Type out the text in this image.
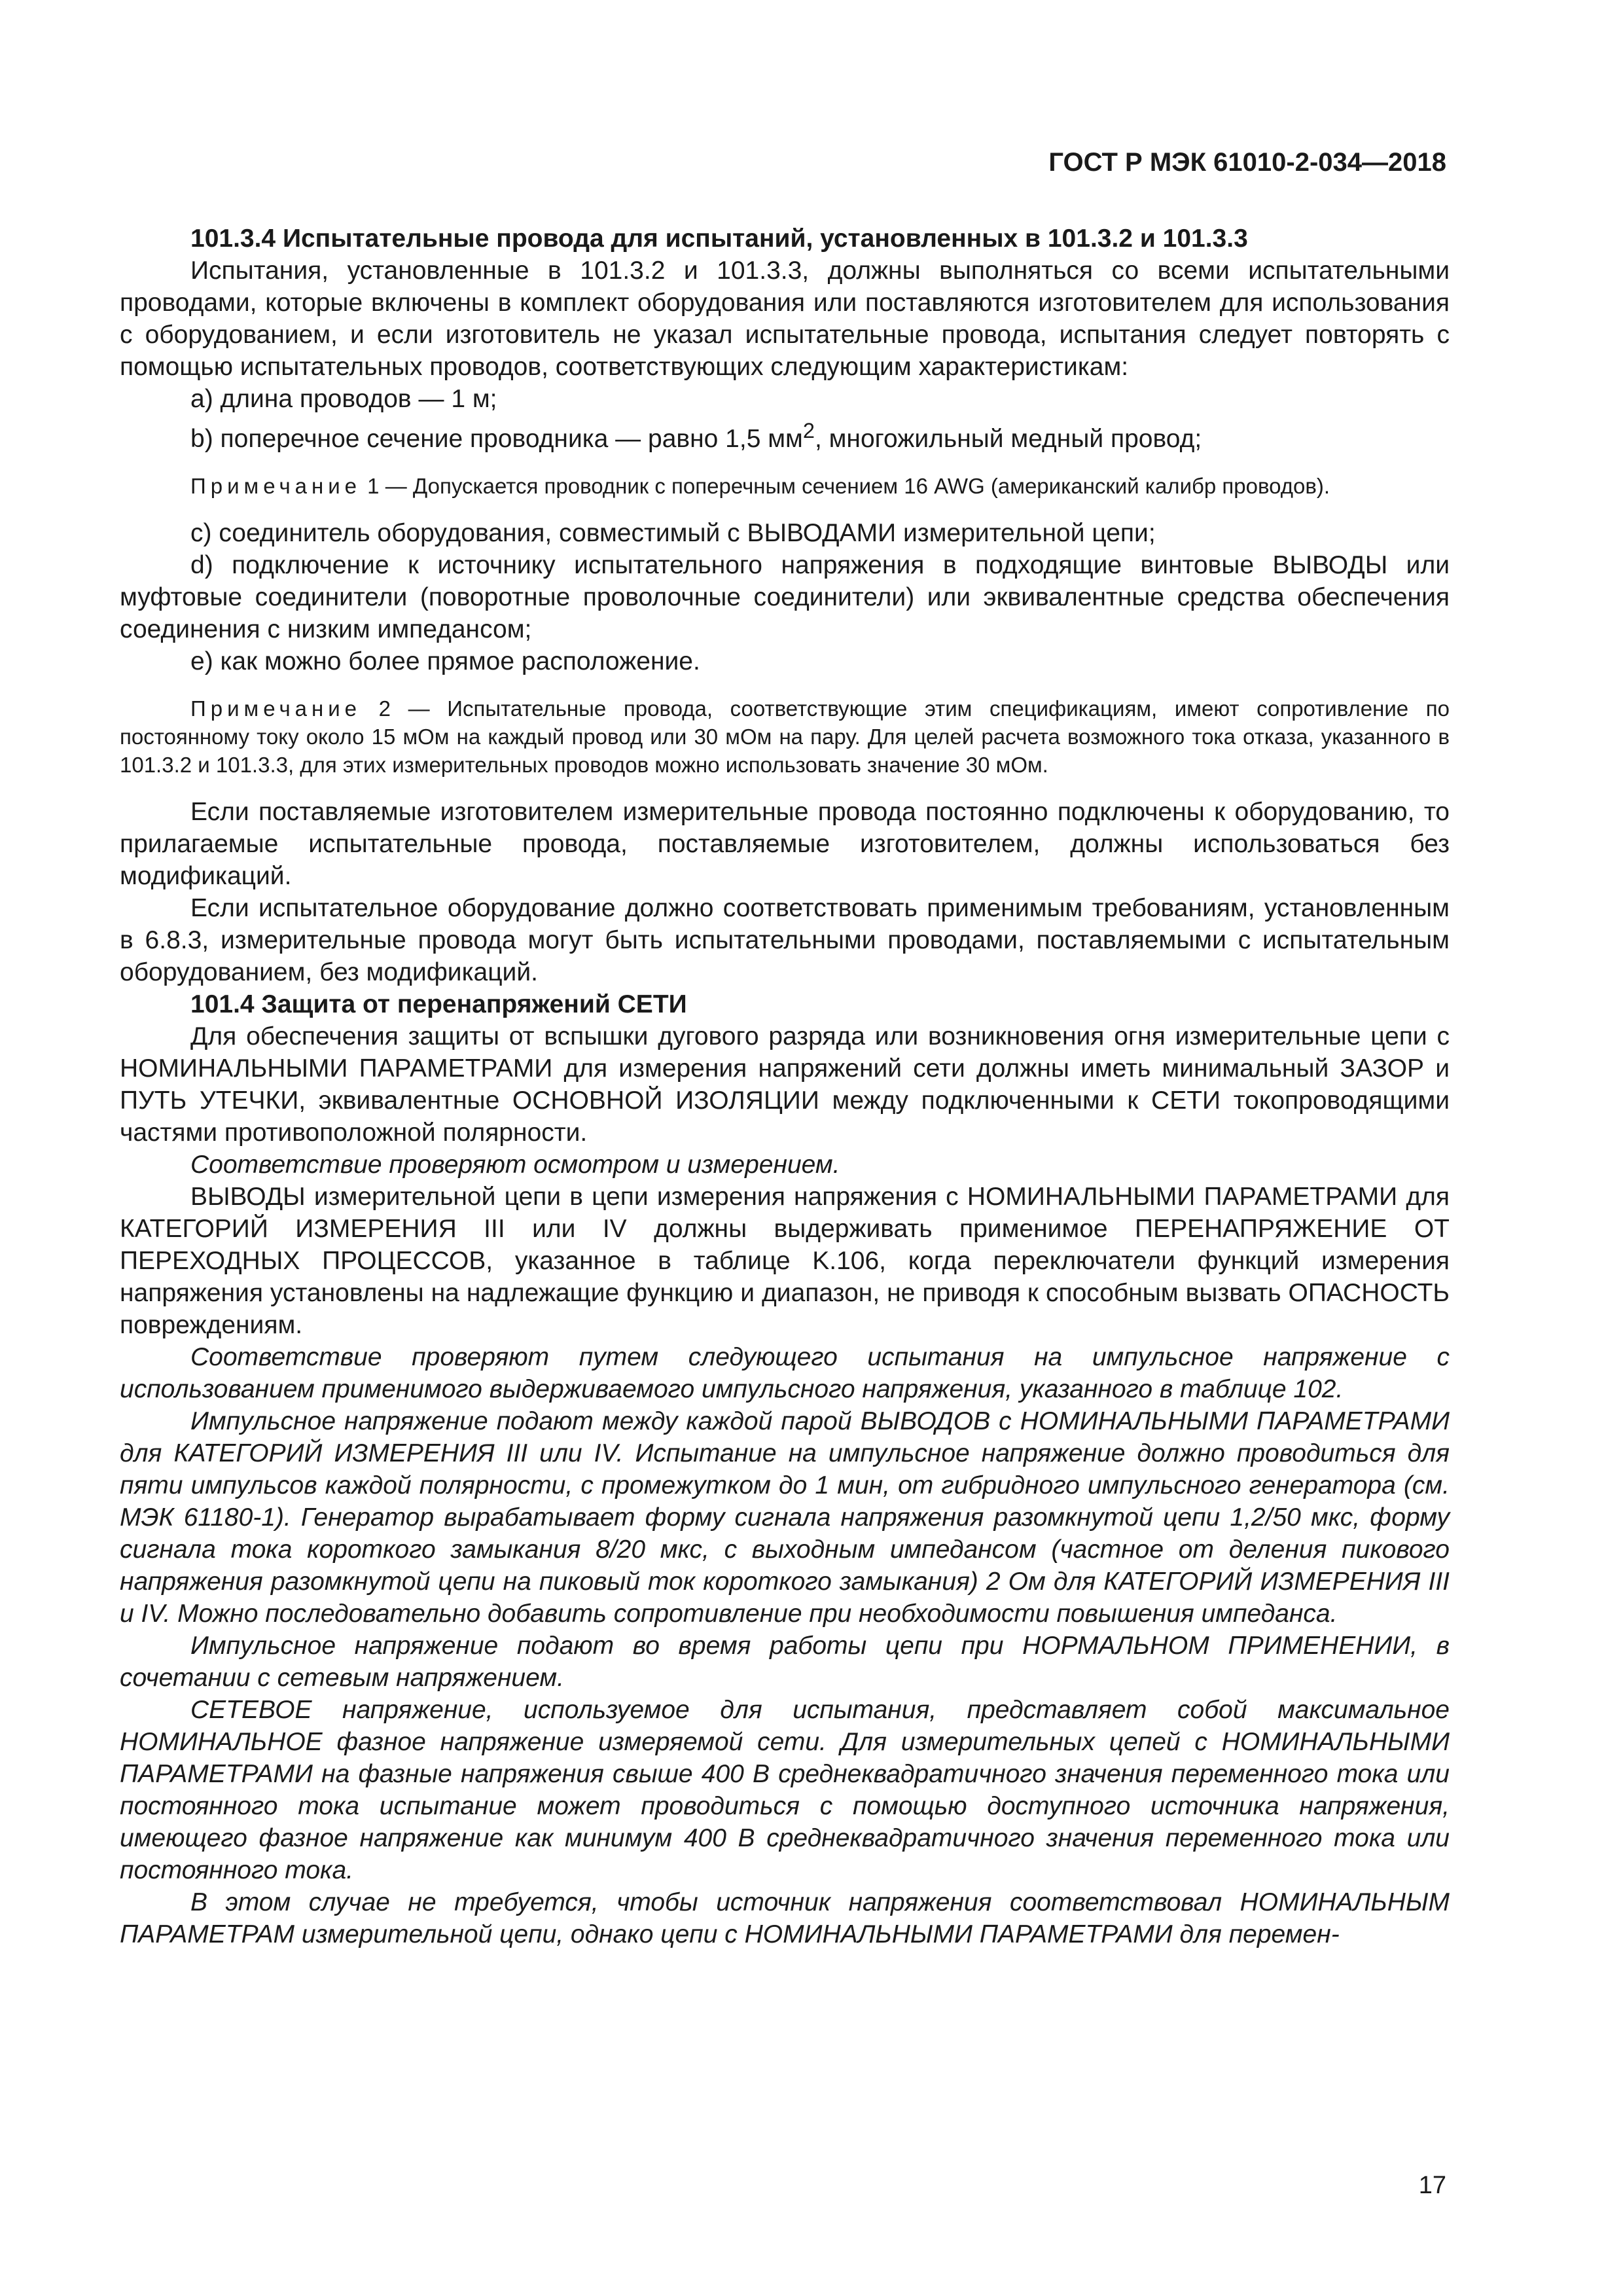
ГОСТ Р МЭК 61010-2-034—2018

101.3.4 Испытательные провода для испытаний, установленных в 101.3.2 и 101.3.3

Испытания, установленные в 101.3.2 и 101.3.3, должны выполняться со всеми испытательными проводами, которые включены в комплект оборудования или поставляются изготовителем для использования с оборудованием, и если изготовитель не указал испытательные провода, испытания следует повторять с помощью испытательных проводов, соответствующих следующим характеристикам:

a) длина проводов — 1 м;

b) поперечное сечение проводника — равно 1,5 $мм^2$, многожильный медный провод;

Примечание 1 — Допускается проводник с поперечным сечением 16 AWG (американский калибр проводов).

c) соединитель оборудования, совместимый с ВЫВОДАМИ измерительной цепи;

d) подключение к источнику испытательного напряжения в подходящие винтовые ВЫВОДЫ или муфтовые соединители (поворотные проволочные соединители) или эквивалентные средства обеспечения соединения с низким импедансом;

e) как можно более прямое расположение.

Примечание 2 — Испытательные провода, соответствующие этим спецификациям, имеют сопротивление по постоянному току около 15 мОм на каждый провод или 30 мОм на пару. Для целей расчета возможного тока отказа, указанного в 101.3.2 и 101.3.3, для этих измерительных проводов можно использовать значение 30 мОм.

Если поставляемые изготовителем измерительные провода постоянно подключены к оборудованию, то прилагаемые испытательные провода, поставляемые изготовителем, должны использоваться без модификаций.

Если испытательное оборудование должно соответствовать применимым требованиям, установленным в 6.8.3, измерительные провода могут быть испытательными проводами, поставляемыми с испытательным оборудованием, без модификаций.

101.4 Защита от перенапряжений СЕТИ

Для обеспечения защиты от вспышки дугового разряда или возникновения огня измерительные цепи с НОМИНАЛЬНЫМИ ПАРАМЕТРАМИ для измерения напряжений сети должны иметь минимальный ЗАЗОР и ПУТЬ УТЕЧКИ, эквивалентные ОСНОВНОЙ ИЗОЛЯЦИИ между подключенными к СЕТИ токопроводящими частями противоположной полярности.

Соответствие проверяют осмотром и измерением.

ВЫВОДЫ измерительной цепи в цепи измерения напряжения с НОМИНАЛЬНЫМИ ПАРАМЕТРАМИ для КАТЕГОРИЙ ИЗМЕРЕНИЯ III или IV должны выдерживать применимое ПЕРЕНАПРЯЖЕНИЕ ОТ ПЕРЕХОДНЫХ ПРОЦЕССОВ, указанное в таблице K.106, когда переключатели функций измерения напряжения установлены на надлежащие функцию и диапазон, не приводя к способным вызвать ОПАСНОСТЬ повреждениям.

Соответствие проверяют путем следующего испытания на импульсное напряжение с использованием применимого выдерживаемого импульсного напряжения, указанного в таблице 102.

Импульсное напряжение подают между каждой парой ВЫВОДОВ с НОМИНАЛЬНЫМИ ПАРАМЕТРАМИ для КАТЕГОРИЙ ИЗМЕРЕНИЯ III или IV. Испытание на импульсное напряжение должно проводиться для пяти импульсов каждой полярности, с промежутком до 1 мин, от гибридного импульсного генератора (см. МЭК 61180-1). Генератор вырабатывает форму сигнала напряжения разомкнутой цепи 1,2/50 мкс, форму сигнала тока короткого замыкания 8/20 мкс, с выходным импедансом (частное от деления пикового напряжения разомкнутой цепи на пиковый ток короткого замыкания) 2 Ом для КАТЕГОРИЙ ИЗМЕРЕНИЯ III и IV. Можно последовательно добавить сопротивление при необходимости повышения импеданса.

Импульсное напряжение подают во время работы цепи при НОРМАЛЬНОМ ПРИМЕНЕНИИ, в сочетании с сетевым напряжением.

СЕТЕВОЕ напряжение, используемое для испытания, представляет собой максимальное НОМИНАЛЬНОЕ фазное напряжение измеряемой сети. Для измерительных цепей с НОМИНАЛЬНЫМИ ПАРАМЕТРАМИ на фазные напряжения свыше 400 В среднеквадратичного значения переменного тока или постоянного тока испытание может проводиться с помощью доступного источника напряжения, имеющего фазное напряжение как минимум 400 В среднеквадратичного значения переменного тока или постоянного тока.

В этом случае не требуется, чтобы источник напряжения соответствовал НОМИНАЛЬНЫМ ПАРАМЕТРАМ измерительной цепи, однако цепи с НОМИНАЛЬНЫМИ ПАРАМЕТРАМИ для перемен-

17
